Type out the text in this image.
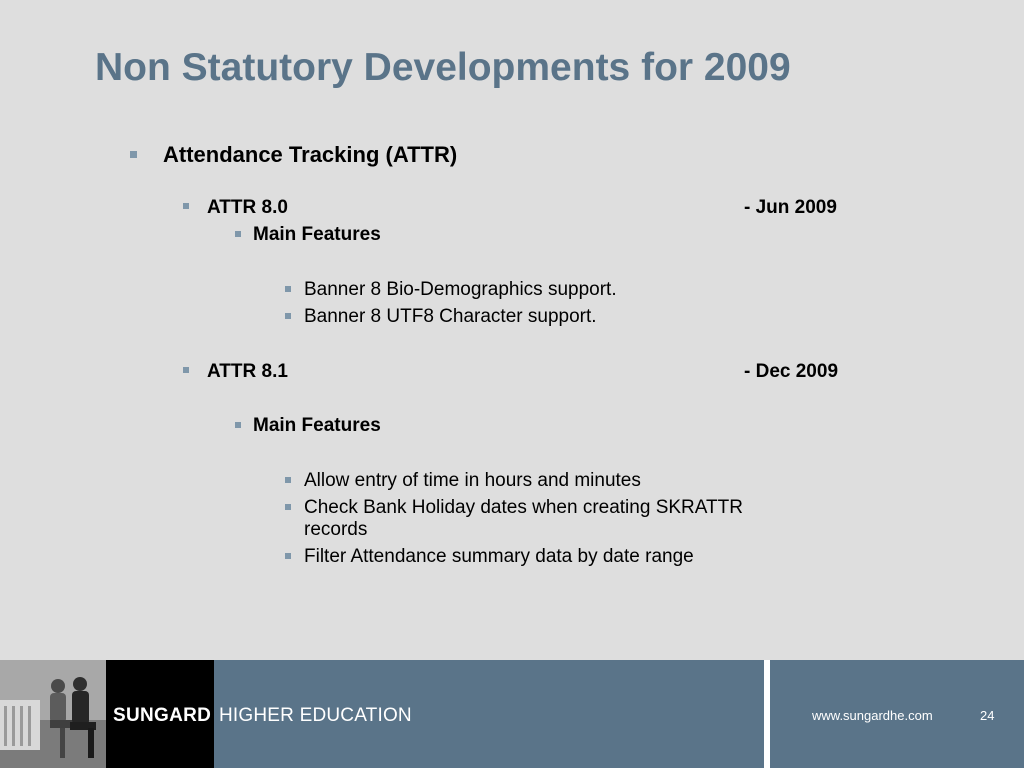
Non Statutory Developments for 2009
Attendance Tracking (ATTR)
ATTR 8.0	- Jun 2009
Main Features
Banner 8 Bio-Demographics support.
Banner 8 UTF8 Character support.
ATTR 8.1	- Dec 2009
Main Features
Allow entry of time in hours and minutes
Check Bank Holiday dates when creating SKRATTR
records
Filter Attendance summary data by date range
SUNGARD HIGHER EDUCATION	www.sungardhe.com	24
